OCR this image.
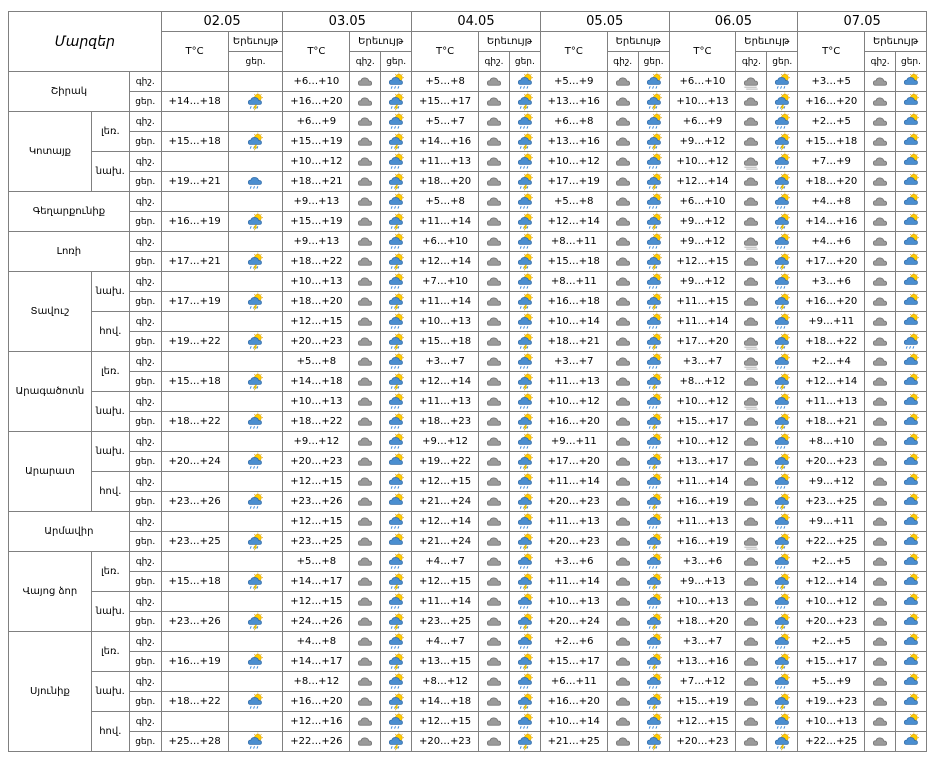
Մարզեր			02.05		03.05			04.05			05.05			06.05			07.05		
			T°C	Երեւույթ	T°C	Երեւույթ		T°C	Երեւույթ		T°C	Երեւույթ		T°C	Երեւույթ		T°C	Երեւույթ	
				ցեր.		գիշ.	ցեր.		գիշ.	ցեր.		գիշ.	ցեր.		գիշ.	ցեր.		գիշ.	ցեր.
Շիրակ		գիշ.			+6…+10			+5…+8			+5…+9			+6…+10			+3…+5	

		ցեր.	+14…+18		+16…+20			+15…+17			+13…+16			+10…+13			+16…+20	

Կոտայք	լեռ.	գիշ.			+6…+9			+5…+7			+6…+8			+6…+9			+2…+5	

		ցեր.	+15…+18		+15…+19			+14…+16			+13…+16			+9…+12			+15…+18	

	նախ.	գիշ.			+10…+12			+11…+13			+10…+12			+10…+12			+7…+9	

		ցեր.	+19…+21		+18…+21			+18…+20			+17…+19			+12…+14			+18…+20	

Գեղարքունիք		գիշ.			+9…+13			+5…+8			+5…+8			+6…+10			+4…+8	

		ցեր.	+16…+19		+15…+19			+11…+14			+12…+14			+9…+12			+14…+16	

Լոռի		գիշ.			+9…+13			+6…+10			+8…+11			+9…+12			+4…+6	

		ցեր.	+17…+21		+18…+22			+12…+14			+15…+18			+12…+15			+17…+20	

Տավուշ	նախ.	գիշ.			+10…+13			+7…+10			+8…+11			+9…+12			+3…+6	

		ցեր.	+17…+19		+18…+20			+11…+14			+16…+18			+11…+15			+16…+20	

	հով.	գիշ.			+12…+15			+10…+13			+10…+14			+11…+14			+9…+11	

		ցեր.	+19…+22		+20…+23			+15…+18			+18…+21			+17…+20			+18…+22	

Արագածոտն	լեռ.	գիշ.			+5…+8			+3…+7			+3…+7			+3…+7			+2…+4	

		ցեր.	+15…+18		+14…+18			+12…+14			+11…+13			+8…+12			+12…+14	

	նախ.	գիշ.			+10…+13			+11…+13			+10…+12			+10…+12			+11…+13	

		ցեր.	+18…+22		+18…+22			+18…+23			+16…+20			+15…+17			+18…+21	

Արարատ	նախ.	գիշ.			+9…+12			+9…+12			+9…+11			+10…+12			+8…+10	

		ցեր.	+20…+24		+20…+23			+19…+22			+17…+20			+13…+17			+20…+23	

	հով.	գիշ.			+12…+15			+12…+15			+11…+14			+11…+14			+9…+12	

		ցեր.	+23…+26		+23…+26			+21…+24			+20…+23			+16…+19			+23…+25	

Արմավիր		գիշ.			+12…+15			+12…+14			+11…+13			+11…+13			+9…+11	

		ցեր.	+23…+25		+23…+25			+21…+24			+20…+23			+16…+19			+22…+25	

Վայոց ձոր	լեռ.	գիշ.			+5…+8			+4…+7			+3…+6			+3…+6			+2…+5	

		ցեր.	+15…+18		+14…+17			+12…+15			+11…+14			+9…+13			+12…+14	

	նախ.	գիշ.			+12…+15			+11…+14			+10…+13			+10…+13			+10…+12	

		ցեր.	+23…+26		+24…+26			+23…+25			+20…+24			+18…+20			+20…+23	

Սյունիք	լեռ.	գիշ.			+4…+8			+4…+7			+2…+6			+3…+7			+2…+5	

		ցեր.	+16…+19		+14…+17			+13…+15			+15…+17			+13…+16			+15…+17	

	նախ.	գիշ.			+8…+12			+8…+12			+6…+11			+7…+12			+5…+9	

		ցեր.	+18…+22		+16…+20			+14…+18			+16…+20			+15…+19			+19…+23	

	հով.	գիշ.			+12…+16			+12…+15			+10…+14			+12…+15			+10…+13	

		ցեր.	+25…+28		+22…+26			+20…+23			+21…+25			+20…+23			+22…+25	
